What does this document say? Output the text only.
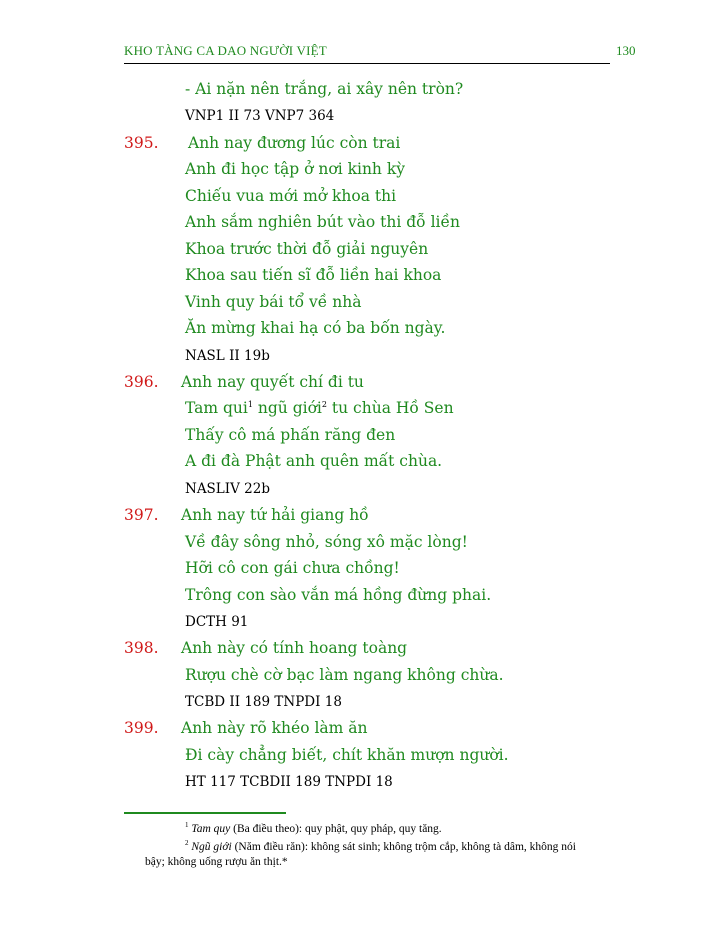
KHO TÀNG CA DAO NGƯỜI VIỆT	130
- Ai nặn nên trắng, ai xây nên tròn?
VNP1 II 73 VNP7 364
395. Anh nay đương lúc còn trai
Anh đi học tập ở nơi kinh kỳ
Chiếu vua mới mở khoa thi
Anh sắm nghiên bút vào thi đỗ liền
Khoa trước thời đỗ giải nguyên
Khoa sau tiến sĩ đỗ liền hai khoa
Vinh quy bái tổ về nhà
Ăn mừng khai hạ có ba bốn ngày.
NASL II 19b
396. Anh nay quyết chí đi tu
Tam qui$^1$ ngũ giới$^2$ tu chùa Hồ Sen
Thấy cô má phấn răng đen
A đi đà Phật anh quên mất chùa.
NASLIV 22b
397. Anh nay tứ hải giang hồ
Về đây sông nhỏ, sóng xô mặc lòng!
Hỡi cô con gái chưa chồng!
Trông con sào vắn má hồng đừng phai.
DCTH 91
398. Anh này có tính hoang toàng
Rượu chè cờ bạc làm ngang không chừa.
TCBD II 189 TNPDI 18
399. Anh này rõ khéo làm ăn
Đi cày chẳng biết, chít khăn mượn người.
HT 117 TCBDII 189 TNPDI 18
$^1$ Tam quy (Ba điều theo): quy phật, quy pháp, quy tăng.
$^2$ Ngũ giới (Năm điều răn): không sát sinh; không trộm cắp, không tà dâm, không nói
bậy; không uống rượu ăn thịt.*
